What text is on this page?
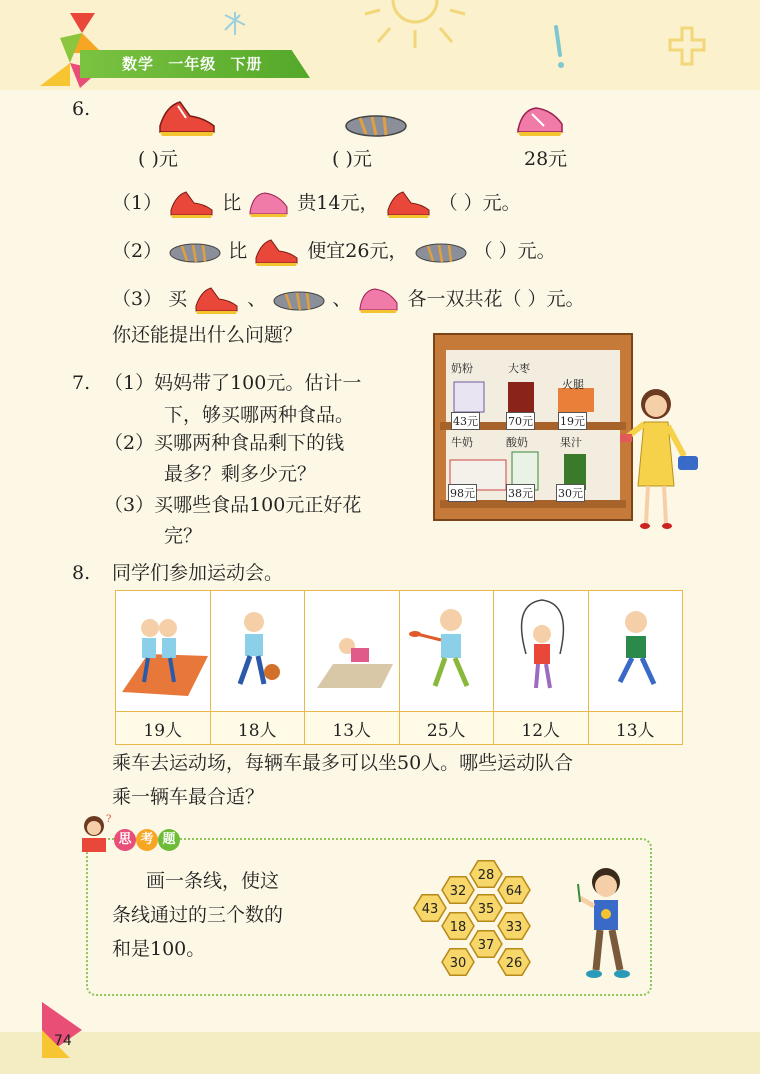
数学 一年级 下册
6.
( )元	( )元	28元
（1）	比	贵14元，	（ ）元。
（2）	比	便宜26元，	（ ）元。
（3） 买	、	、	各一双共花（ ）元。
你还能提出什么问题？
7. （1）妈妈带了100元。估计一
下，够买哪两种食品。
（2）买哪两种食品剩下的钱
最多？剩多少元？
（3）买哪些食品100元正好花
完？
奶粉	大枣
火腿
43元	70元 19元
牛奶	酸奶	果汁
98元	38元 30元
8. 同学们参加运动会。

19人	18人	13人	25人	12人	13人
乘车去运动场，每辆车最多可以坐50人。哪些运动队合
乘一辆车最合适？
?
思 考 题
画一条线，使这
条线通过的三个数的
和是100。
28
32	64
43	35
18	33
37
30	26
74
